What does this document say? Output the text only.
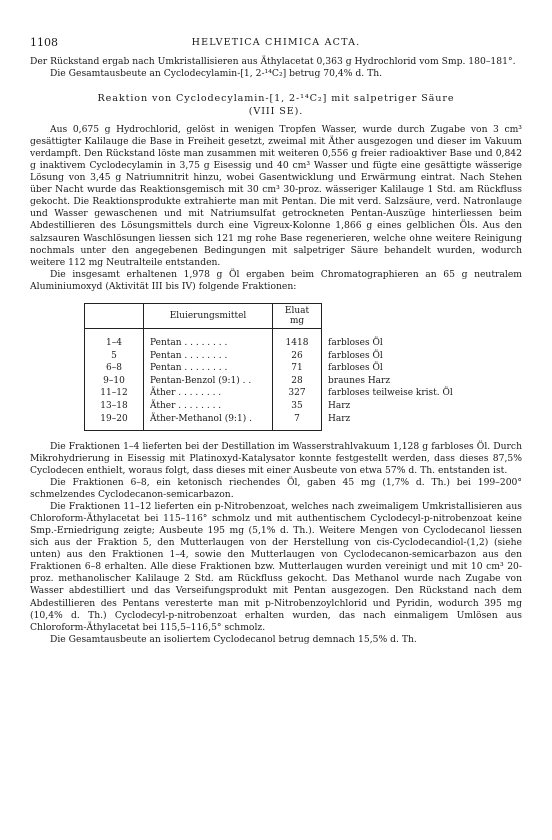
1108	HELVETICA CHIMICA ACTA.

Der Rückstand ergab nach Umkristallisieren aus Äthylacetat 0,363 g Hydrochlorid vom Smp. 180–181°.

Die Gesamtausbeute an Cyclodecylamin-[1, 2-¹⁴C₂] betrug 70,4% d. Th.

Reaktion von Cyclodecylamin-[1, 2-¹⁴C₂] mit salpetriger Säure
(VIII SE).

Aus 0,675 g Hydrochlorid, gelöst in wenigen Tropfen Wasser, wurde durch Zugabe von 3 cm³ gesättigter Kalilauge die Base in Freiheit gesetzt, zweimal mit Äther ausgezogen und dieser im Vakuum verdampft. Den Rückstand löste man zusammen mit weiteren 0,556 g freier radioaktiver Base und 0,842 g inaktivem Cyclodecylamin in 3,75 g Eisessig und 40 cm³ Wasser und fügte eine gesättigte wässerige Lösung von 3,45 g Natriumnitrit hinzu, wobei Gasentwicklung und Erwärmung eintrat. Nach Stehen über Nacht wurde das Reaktionsgemisch mit 30 cm³ 30-proz. wässeriger Kalilauge 1 Std. am Rückfluss gekocht. Die Reaktionsprodukte extrahierte man mit Pentan. Die mit verd. Salzsäure, verd. Natronlauge und Wasser gewaschenen und mit Natriumsulfat getrockneten Pentan-Auszüge hinterliessen beim Abdestillieren des Lösungsmittels durch eine Vigreux-Kolonne 1,866 g eines gelblichen Öls. Aus den salzsauren Waschlösungen liessen sich 121 mg rohe Base regenerieren, welche ohne weitere Reinigung nochmals unter den angegebenen Bedingungen mit salpetriger Säure behandelt wurden, wodurch weitere 112 mg Neutralteile entstanden.

Die insgesamt erhaltenen 1,978 g Öl ergaben beim Chromatographieren an 65 g neutralem Aluminiumoxyd (Aktivität III bis IV) folgende Fraktionen:

	Eluierungsmittel	Eluat mg	
1–4	Pentan . . . . . . . .	1418	farbloses Öl
5	Pentan . . . . . . . .	26	farbloses Öl
6–8	Pentan . . . . . . . .	71	farbloses Öl
9–10	Pentan-Benzol (9:1) . .	28	braunes Harz
11–12	Äther . . . . . . . .	327	farbloses teilweise krist. Öl
13–18	Äther . . . . . . . .	35	Harz
19–20	Äther-Methanol (9:1) .	7	Harz

Die Fraktionen 1–4 lieferten bei der Destillation im Wasserstrahlvakuum 1,128 g farbloses Öl. Durch Mikrohydrierung in Eisessig mit Platinoxyd-Katalysator konnte festgestellt werden, dass dieses 87,5% Cyclodecen enthielt, woraus folgt, dass dieses mit einer Ausbeute von etwa 57% d. Th. entstanden ist.

Die Fraktionen 6–8, ein ketonisch riechendes Öl, gaben 45 mg (1,7% d. Th.) bei 199–200° schmelzendes Cyclodecanon-semicarbazon.

Die Fraktionen 11–12 lieferten ein p-Nitrobenzoat, welches nach zweimaligem Umkristallisieren aus Chloroform-Äthylacetat bei 115–116° schmolz und mit authentischem Cyclodecyl-p-nitrobenzoat keine Smp.-Erniedrigung zeigte; Ausbeute 195 mg (5,1% d. Th.). Weitere Mengen von Cyclodecanol liessen sich aus der Fraktion 5, den Mutterlaugen von der Herstellung von cis-Cyclodecandiol-(1,2) (siehe unten) aus den Fraktionen 1–4, sowie den Mutterlaugen von Cyclodecanon-semicarbazon aus den Fraktionen 6–8 erhalten. Alle diese Fraktionen bzw. Mutterlaugen wurden vereinigt und mit 10 cm³ 20-proz. methanolischer Kalilauge 2 Std. am Rückfluss gekocht. Das Methanol wurde nach Zugabe von Wasser abdestilliert und das Verseifungsprodukt mit Pentan ausgezogen. Den Rückstand nach dem Abdestillieren des Pentans veresterte man mit p-Nitrobenzoylchlorid und Pyridin, wodurch 395 mg (10,4% d. Th.) Cyclodecyl-p-nitrobenzoat erhalten wurden, das nach einmaligem Umlösen aus Chloroform-Äthylacetat bei 115,5–116,5° schmolz.

Die Gesamtausbeute an isoliertem Cyclodecanol betrug demnach 15,5% d. Th.
